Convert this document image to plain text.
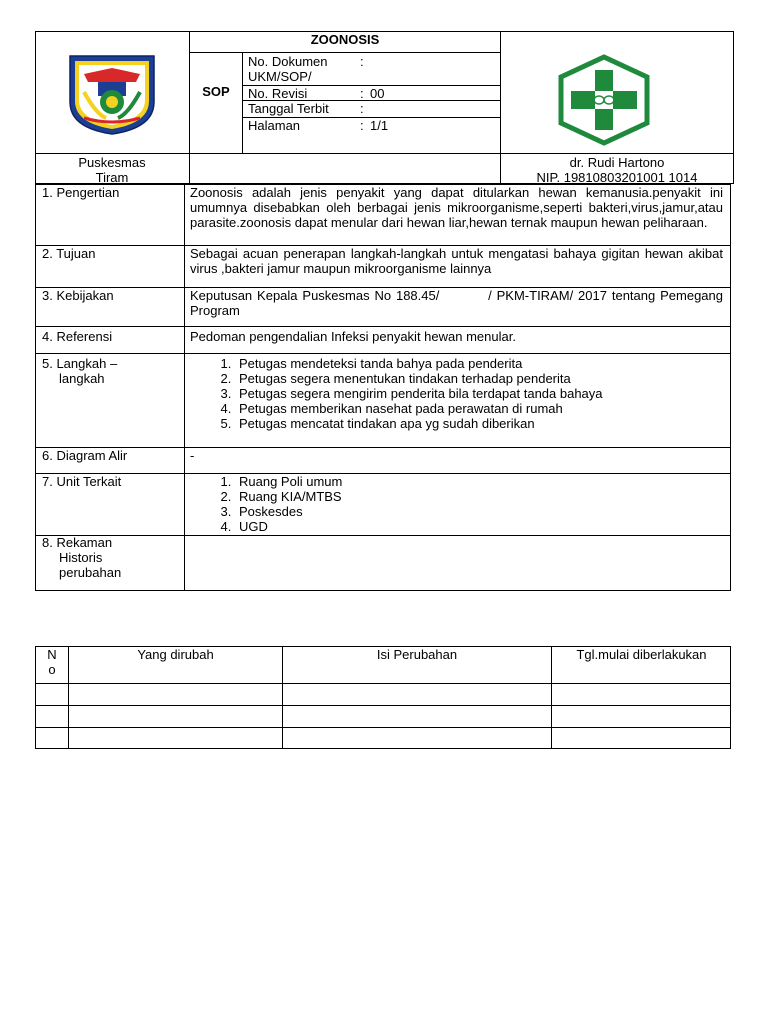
ZOONOSIS
SOP
No. Dokumen	:

UKM/SOP/
No. Revisi	: 00
Tanggal Terbit :
Halaman	: 1/1
Puskesmas
Tiram
dr. Rudi Hartono
NIP. 19810803201001 1014
1. Pengertian	Zoonosis adalah jenis penyakit yang dapat ditularkan hewan kemanusia.penyakit ini umumnya disebabkan oleh berbagai jenis mikroorganisme,seperti bakteri,virus,jamur,atau parasite.zoonosis dapat menular dari hewan liar,hewan ternak maupun hewan peliharaan.
2. Tujuan	Sebagai acuan penerapan langkah-langkah untuk mengatasi bahaya gigitan hewan akibat virus ,bakteri jamur maupun mikroorganisme lainnya
3. Kebijakan	Keputusan Kepala Puskesmas No 188.45/          / PKM-TIRAM/ 2017 tentang Pemegang Program
4. Referensi	Pedoman pengendalian Infeksi penyakit hewan menular.
5. Langkah –
langkah
1. Petugas mendeteksi tanda bahya pada penderita
2. Petugas segera menentukan tindakan terhadap penderita
3. Petugas segera mengirim penderita bila terdapat tanda bahaya
4. Petugas memberikan nasehat pada perawatan di rumah
5. Petugas mencatat tindakan apa yg sudah diberikan
6. Diagram Alir	-
7. Unit Terkait
1.	Ruang Poli umum
2. Ruang KIA/MTBS
3. Poskesdes
4. UGD
8. Rekaman
Historis
perubahan
N
o
Yang dirubah	Isi Perubahan	Tgl.mulai diberlakukan
